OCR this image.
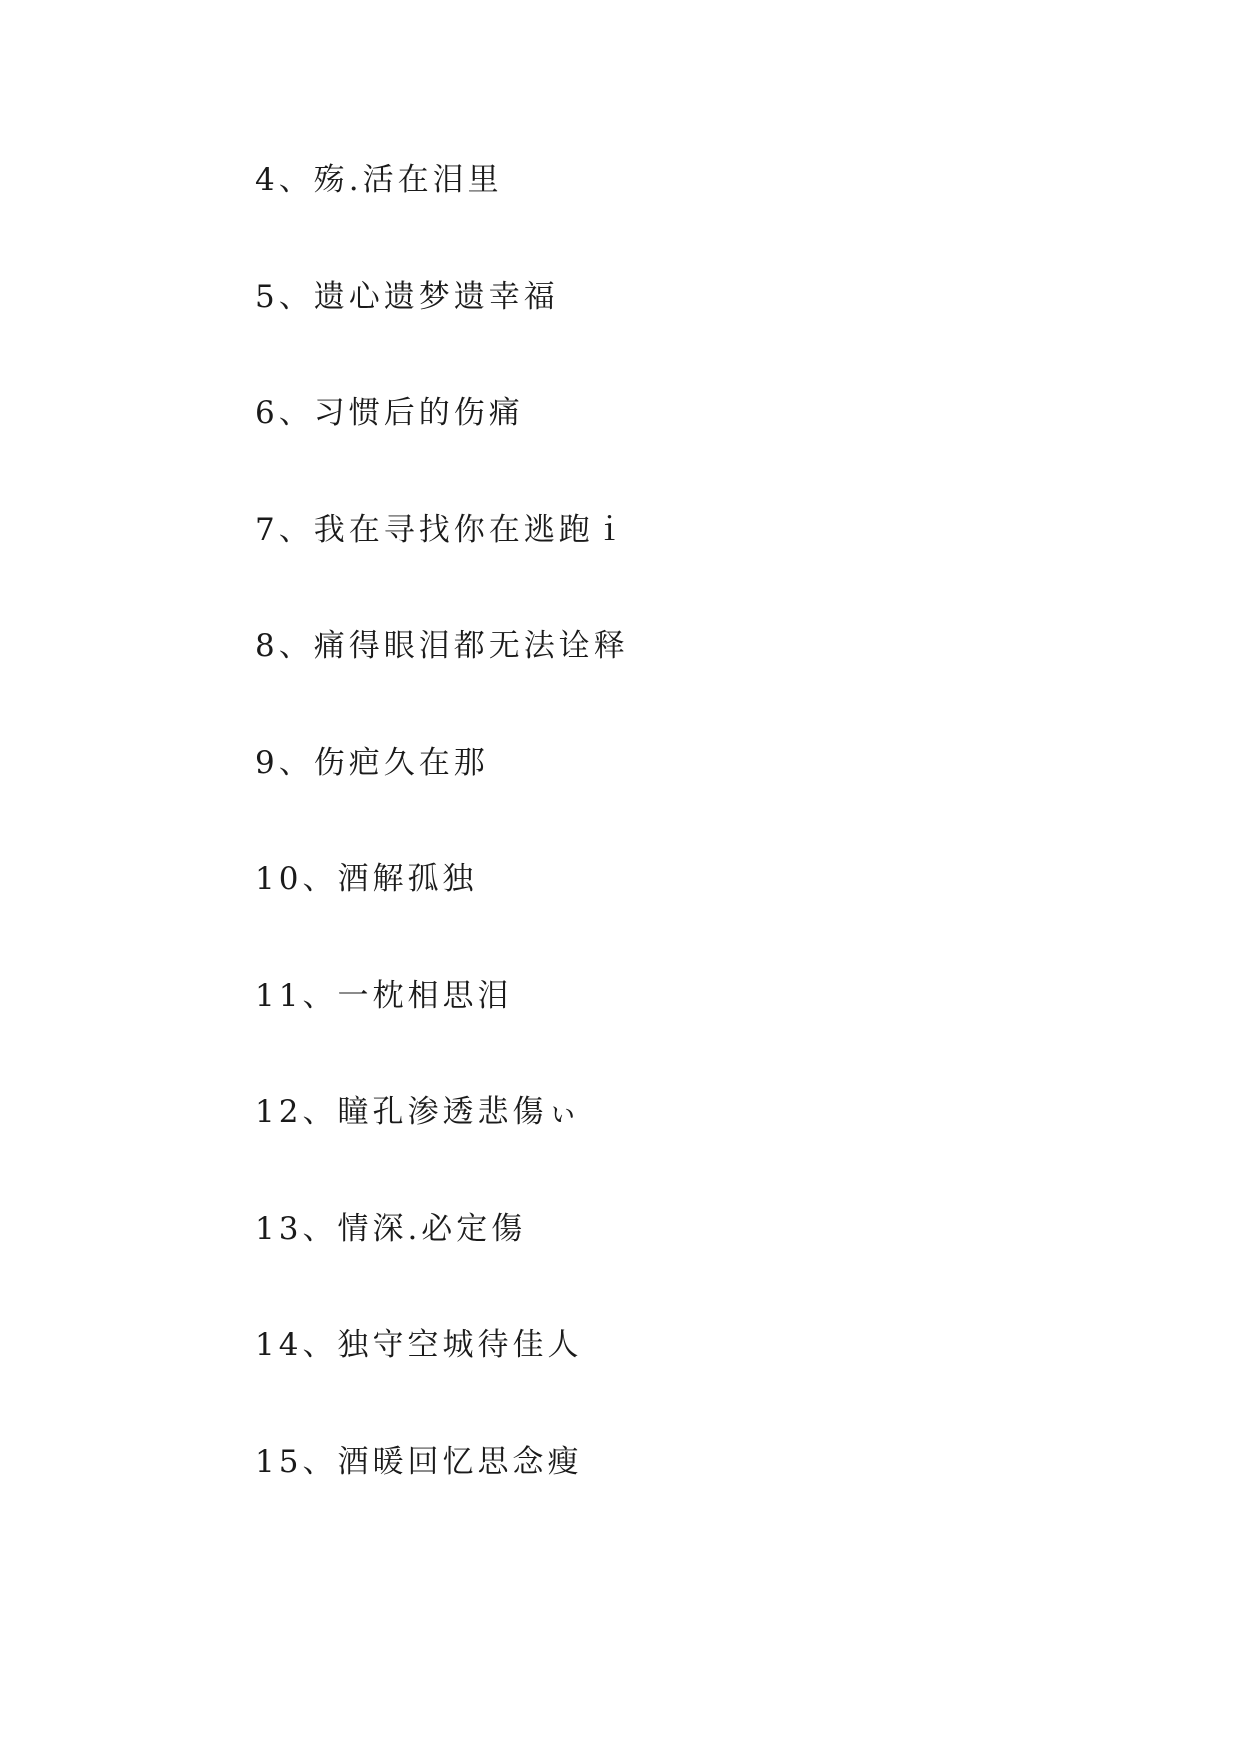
4 、 殇.活在泪里
5 、 遗心遗梦遗幸福
6 、 习惯后的伤痛
7 、 我在寻找你在逃跑ｉ
8 、 痛得眼泪都无法诠释
9 、 伤疤久在那
10 、 酒解孤独
11 、 一枕相思泪
12 、 瞳孔渗透悲傷ぃ
13 、 情深.必定傷
14 、 独守空城待佳人
15 、 酒暖回忆思念瘦
